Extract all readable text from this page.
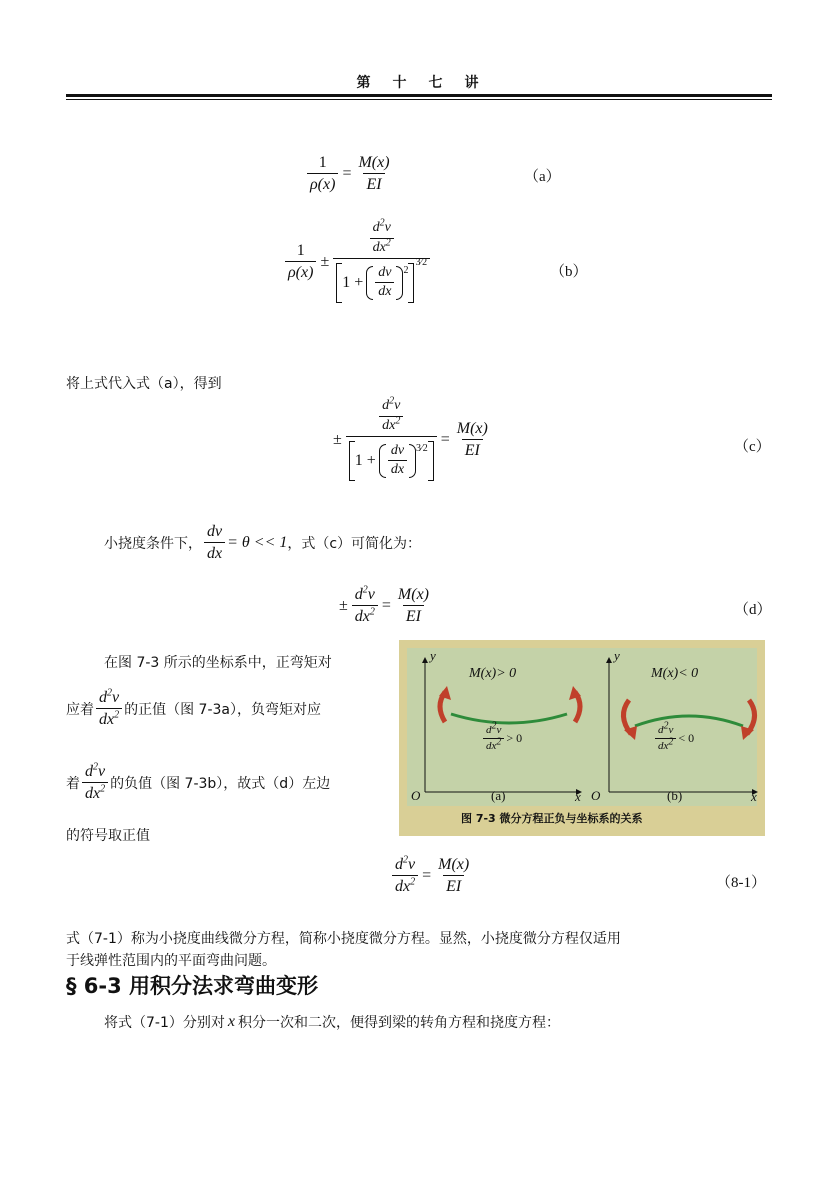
第十七讲
$\frac{1}{\rho(x)} = \frac{M(x)}{EI}$	（a）
$\frac{1}{\rho(x)} \pm \frac{d^2v}{dx^2}$
$1 + \frac{dv}{dx} 2$
$^{3⁄2}$	（b）
将上式代入式（a），得到
± $\frac{\frac{d^2v}{dx^2}}{1 + \frac{dv}{dx} 3⁄2} = \frac{M(x)}{EI}$	（c）
小挠度条件下， $\frac{dv}{dx} = \theta << 1$ ，式（c）可简化为：
± $\frac{d^2v}{dx^2} = \frac{M(x)}{EI}$	（d）
在图 7-3 所示的坐标系中，正弯矩对
应着 $\frac{d^2v}{dx^2}$ 的正值（图 7-3a），负弯矩对应
着 $\frac{d^2v}{dx^2}$ 的负值（图 7-3b），故式（d）左边
的符号取正值
y
x
O
M(x)> 0
$\frac{d^2v}{dx^2} > 0$
(a)
y
x
O
M(x)< 0
$\frac{d^2v}{dx^2} < 0$
(b)
图 7-3 微分方程正负与坐标系的关系
$\frac{d^2v}{dx^2} = \frac{M(x)}{EI}$	（8-1）
式（7-1）称为小挠度曲线微分方程，简称小挠度微分方程。显然，小挠度微分方程仅适用
于线弹性范围内的平面弯曲问题。
§ 6-3 用积分法求弯曲变形
将式（7-1）分别对 x 积分一次和二次，便得到梁的转角方程和挠度方程：
